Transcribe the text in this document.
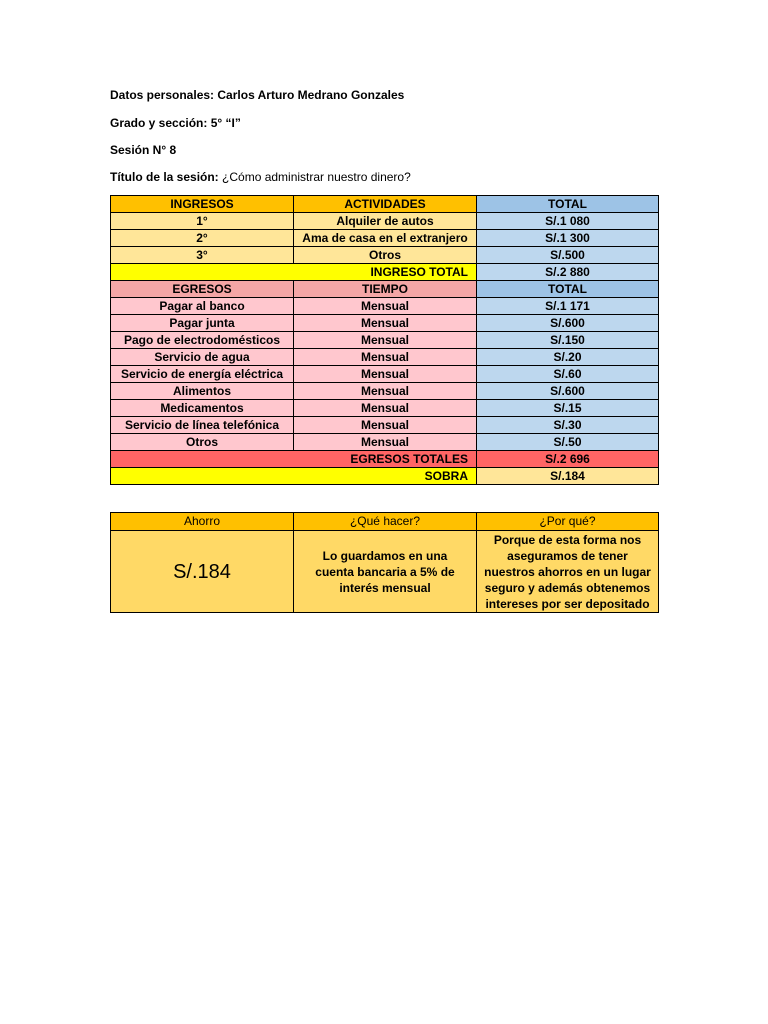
Datos personales: Carlos Arturo Medrano Gonzales
Grado y sección: 5° “I”
Sesión N° 8
Título de la sesión: ¿Cómo administrar nuestro dinero?
INGRESOS	ACTIVIDADES	TOTAL
1°	Alquiler de autos	S/.1 080
2°	Ama de casa en el extranjero	S/.1 300
3°	Otros	S/.500
INGRESO TOTAL		S/.2 880
EGRESOS	TIEMPO	TOTAL
Pagar al banco	Mensual	S/.1 171
Pagar junta	Mensual	S/.600
Pago de electrodomésticos	Mensual	S/.150
Servicio de agua	Mensual	S/.20
Servicio de energía eléctrica	Mensual	S/.60
Alimentos	Mensual	S/.600
Medicamentos	Mensual	S/.15
Servicio de línea telefónica	Mensual	S/.30
Otros	Mensual	S/.50
EGRESOS TOTALES		S/.2 696
SOBRA		S/.184
Ahorro	¿Qué hacer?	¿Por qué?
S/.184	Lo guardamos en una cuenta bancaria a 5% de interés mensual	Porque de esta forma nos aseguramos de tener nuestros ahorros en un lugar seguro y además obtenemos intereses por ser depositado
